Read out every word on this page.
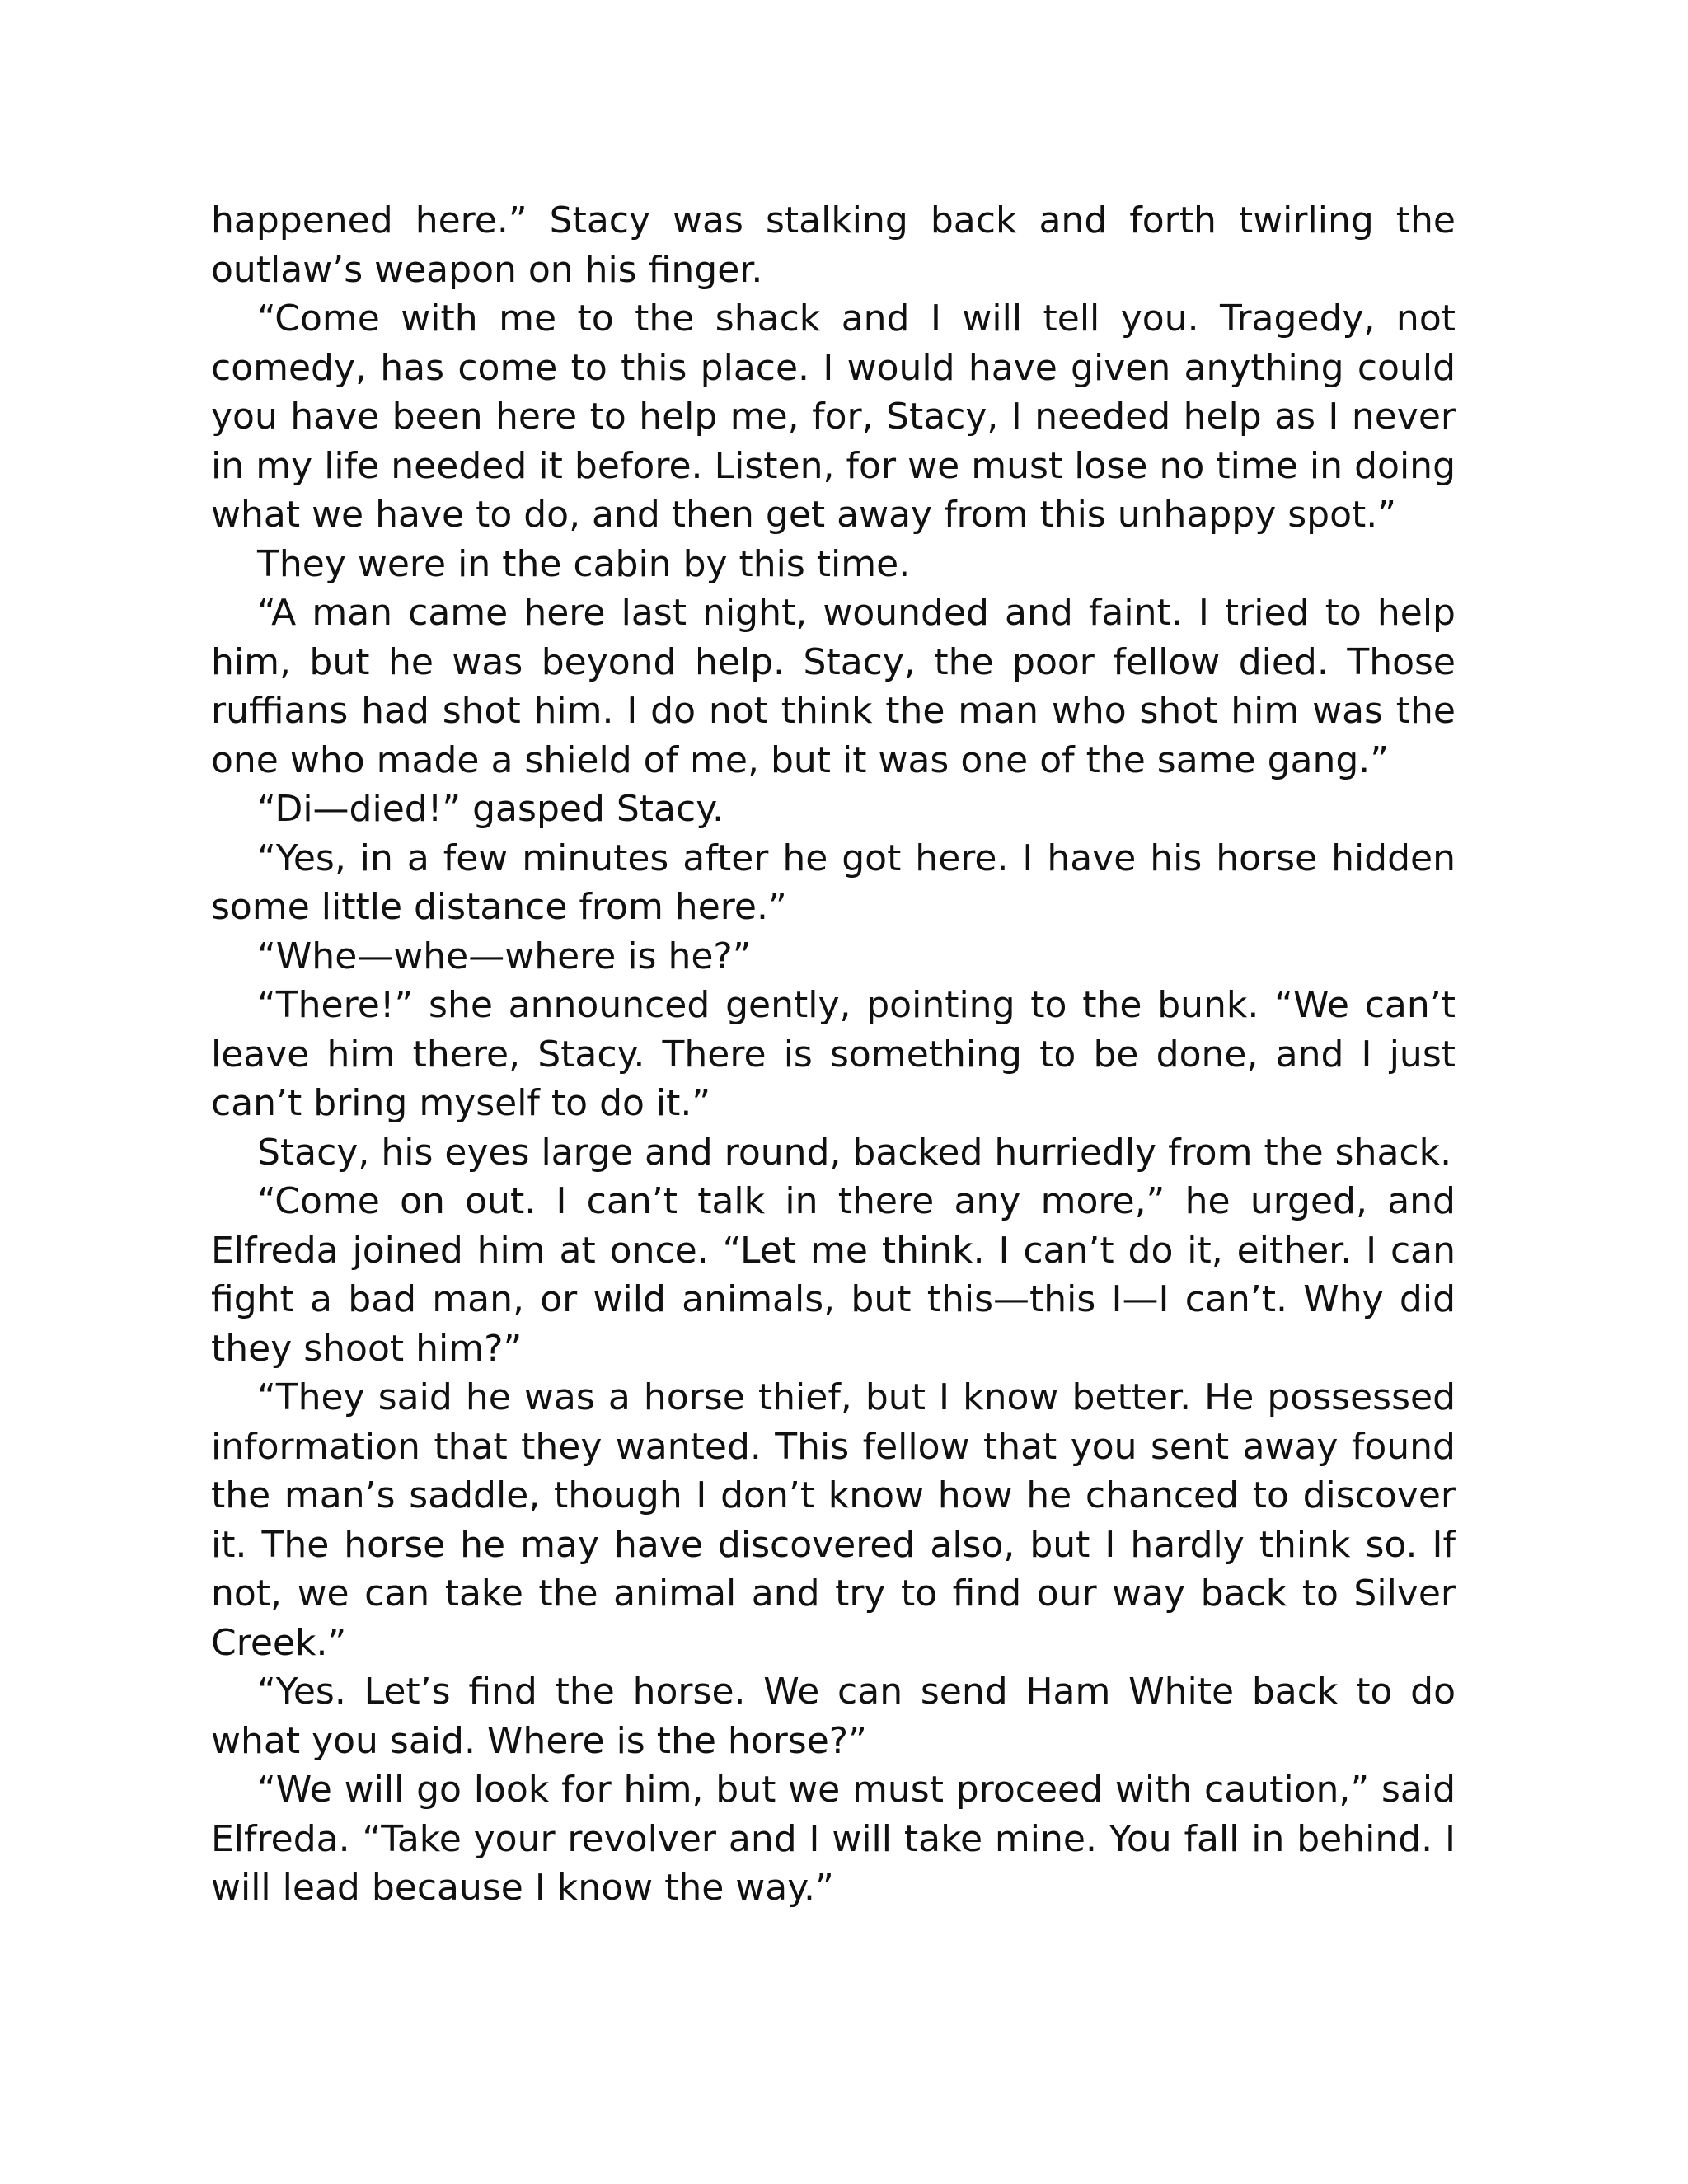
happened here.” Stacy was stalking back and forth twirling the outlaw’s weapon on his finger.

“Come with me to the shack and I will tell you. Tragedy, not comedy, has come to this place. I would have given anything could you have been here to help me, for, Stacy, I needed help as I never in my life needed it before. Listen, for we must lose no time in doing what we have to do, and then get away from this unhappy spot.”

They were in the cabin by this time.

“A man came here last night, wounded and faint. I tried to help him, but he was beyond help. Stacy, the poor fellow died. Those ruffians had shot him. I do not think the man who shot him was the one who made a shield of me, but it was one of the same gang.”

“Di—died!” gasped Stacy.

“Yes, in a few minutes after he got here. I have his horse hidden some little distance from here.”

“Whe—whe—where is he?”

“There!” she announced gently, pointing to the bunk. “We can’t leave him there, Stacy. There is something to be done, and I just can’t bring myself to do it.”

Stacy, his eyes large and round, backed hurriedly from the shack.

“Come on out. I can’t talk in there any more,” he urged, and Elfreda joined him at once. “Let me think. I can’t do it, either. I can fight a bad man, or wild animals, but this—this I—I can’t. Why did they shoot him?”

“They said he was a horse thief, but I know better. He possessed information that they wanted. This fellow that you sent away found the man’s saddle, though I don’t know how he chanced to discover it. The horse he may have discovered also, but I hardly think so. If not, we can take the animal and try to find our way back to Silver Creek.”

“Yes. Let’s find the horse. We can send Ham White back to do what you said. Where is the horse?”

“We will go look for him, but we must proceed with caution,” said Elfreda. “Take your revolver and I will take mine. You fall in behind. I will lead because I know the way.”
